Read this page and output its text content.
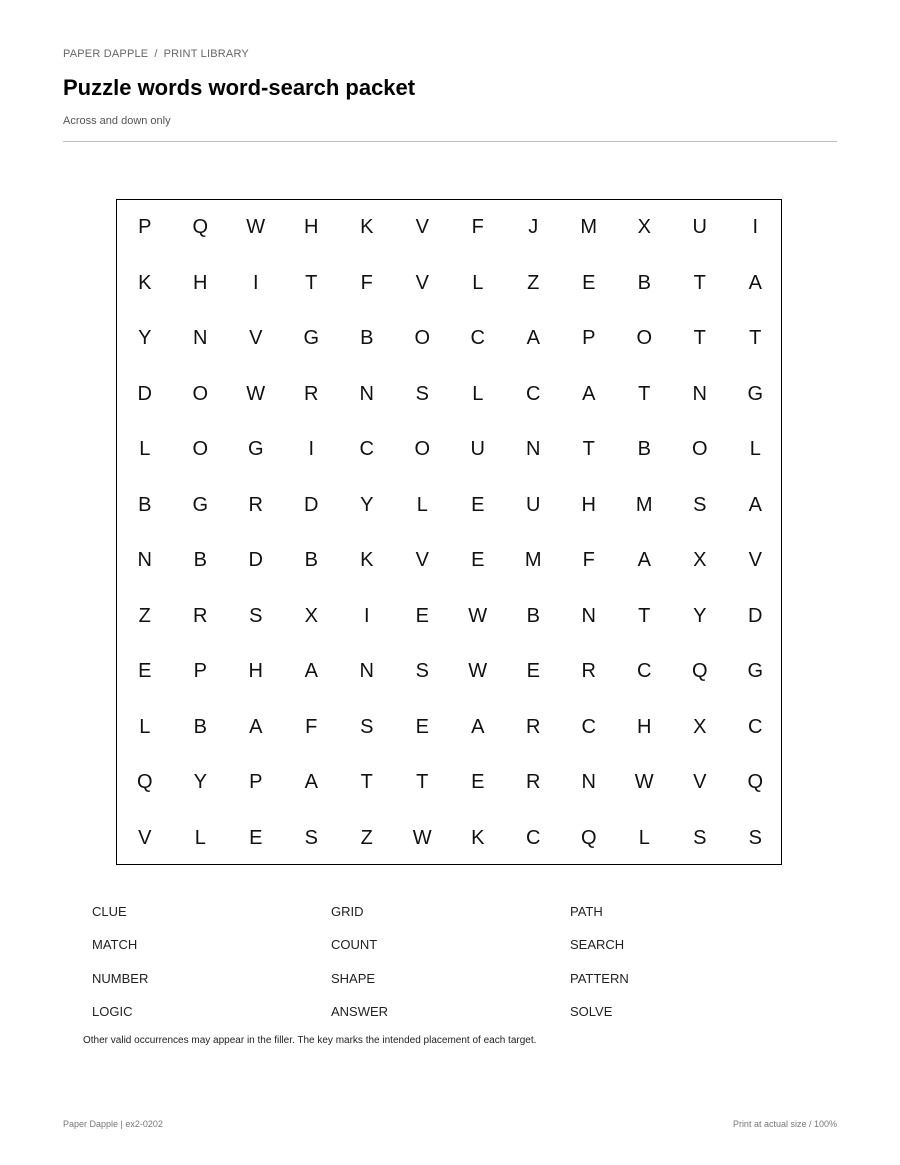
PAPER DAPPLE / PRINT LIBRARY
Puzzle words word-search packet
Across and down only
P	Q	W	H	K	V	F	J	M	X	U	I
K	H	I	T	F	V	L	Z	E	B	T	A
Y	N	V	G	B	O	C	A	P	O	T	T
D	O	W	R	N	S	L	C	A	T	N	G
L	O	G	I	C	O	U	N	T	B	O	L
B	G	R	D	Y	L	E	U	H	M	S	A
N	B	D	B	K	V	E	M	F	A	X	V
Z	R	S	X	I	E	W	B	N	T	Y	D
E	P	H	A	N	S	W	E	R	C	Q	G
L	B	A	F	S	E	A	R	C	H	X	C
Q	Y	P	A	T	T	E	R	N	W	V	Q
V	L	E	S	Z	W	K	C	Q	L	S	S
CLUE	GRID	PATH
MATCH	COUNT	SEARCH
NUMBER	SHAPE	PATTERN
LOGIC	ANSWER	SOLVE
Other valid occurrences may appear in the filler. The key marks the intended placement of each target.
Paper Dapple | ex2-0202	Print at actual size / 100%
